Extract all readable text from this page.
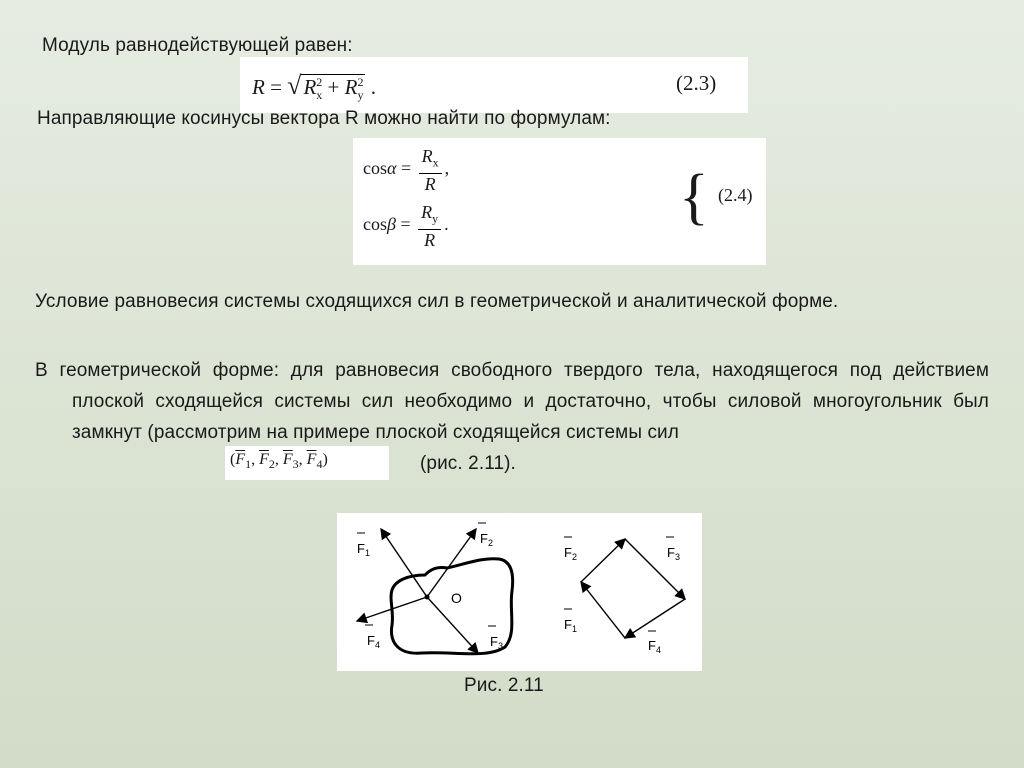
Модуль равнодействующей равен:
$R = √R_x^2 + R_y^2$ .	(2.3)
Направляющие косинусы вектора R можно найти по формулам:
$\cos\alpha = \frac{R_x}{R}$ ,
$\cos\beta = \frac{R_y}{R}$ .	{ (2.4)
Условие равновесия системы сходящихся сил в геометрической и аналитической форме.
В геометрической форме: для равновесия свободного твердого тела, находящегося под действием плоской сходящейся системы сил необходимо и достаточно, чтобы силовой многоугольник был замкнут (рассмотрим на примере плоской сходящейся системы сил
($\overline{F}_1$, $\overline{F}_2$, $\overline{F}_3$, $\overline{F}_4$)	(рис. 2.11).
O
$F_1$
$F_2$
$F_3$
$F_4$
$F_2$	$F_3$
$F_1$
$F_4$
Рис. 2.11
